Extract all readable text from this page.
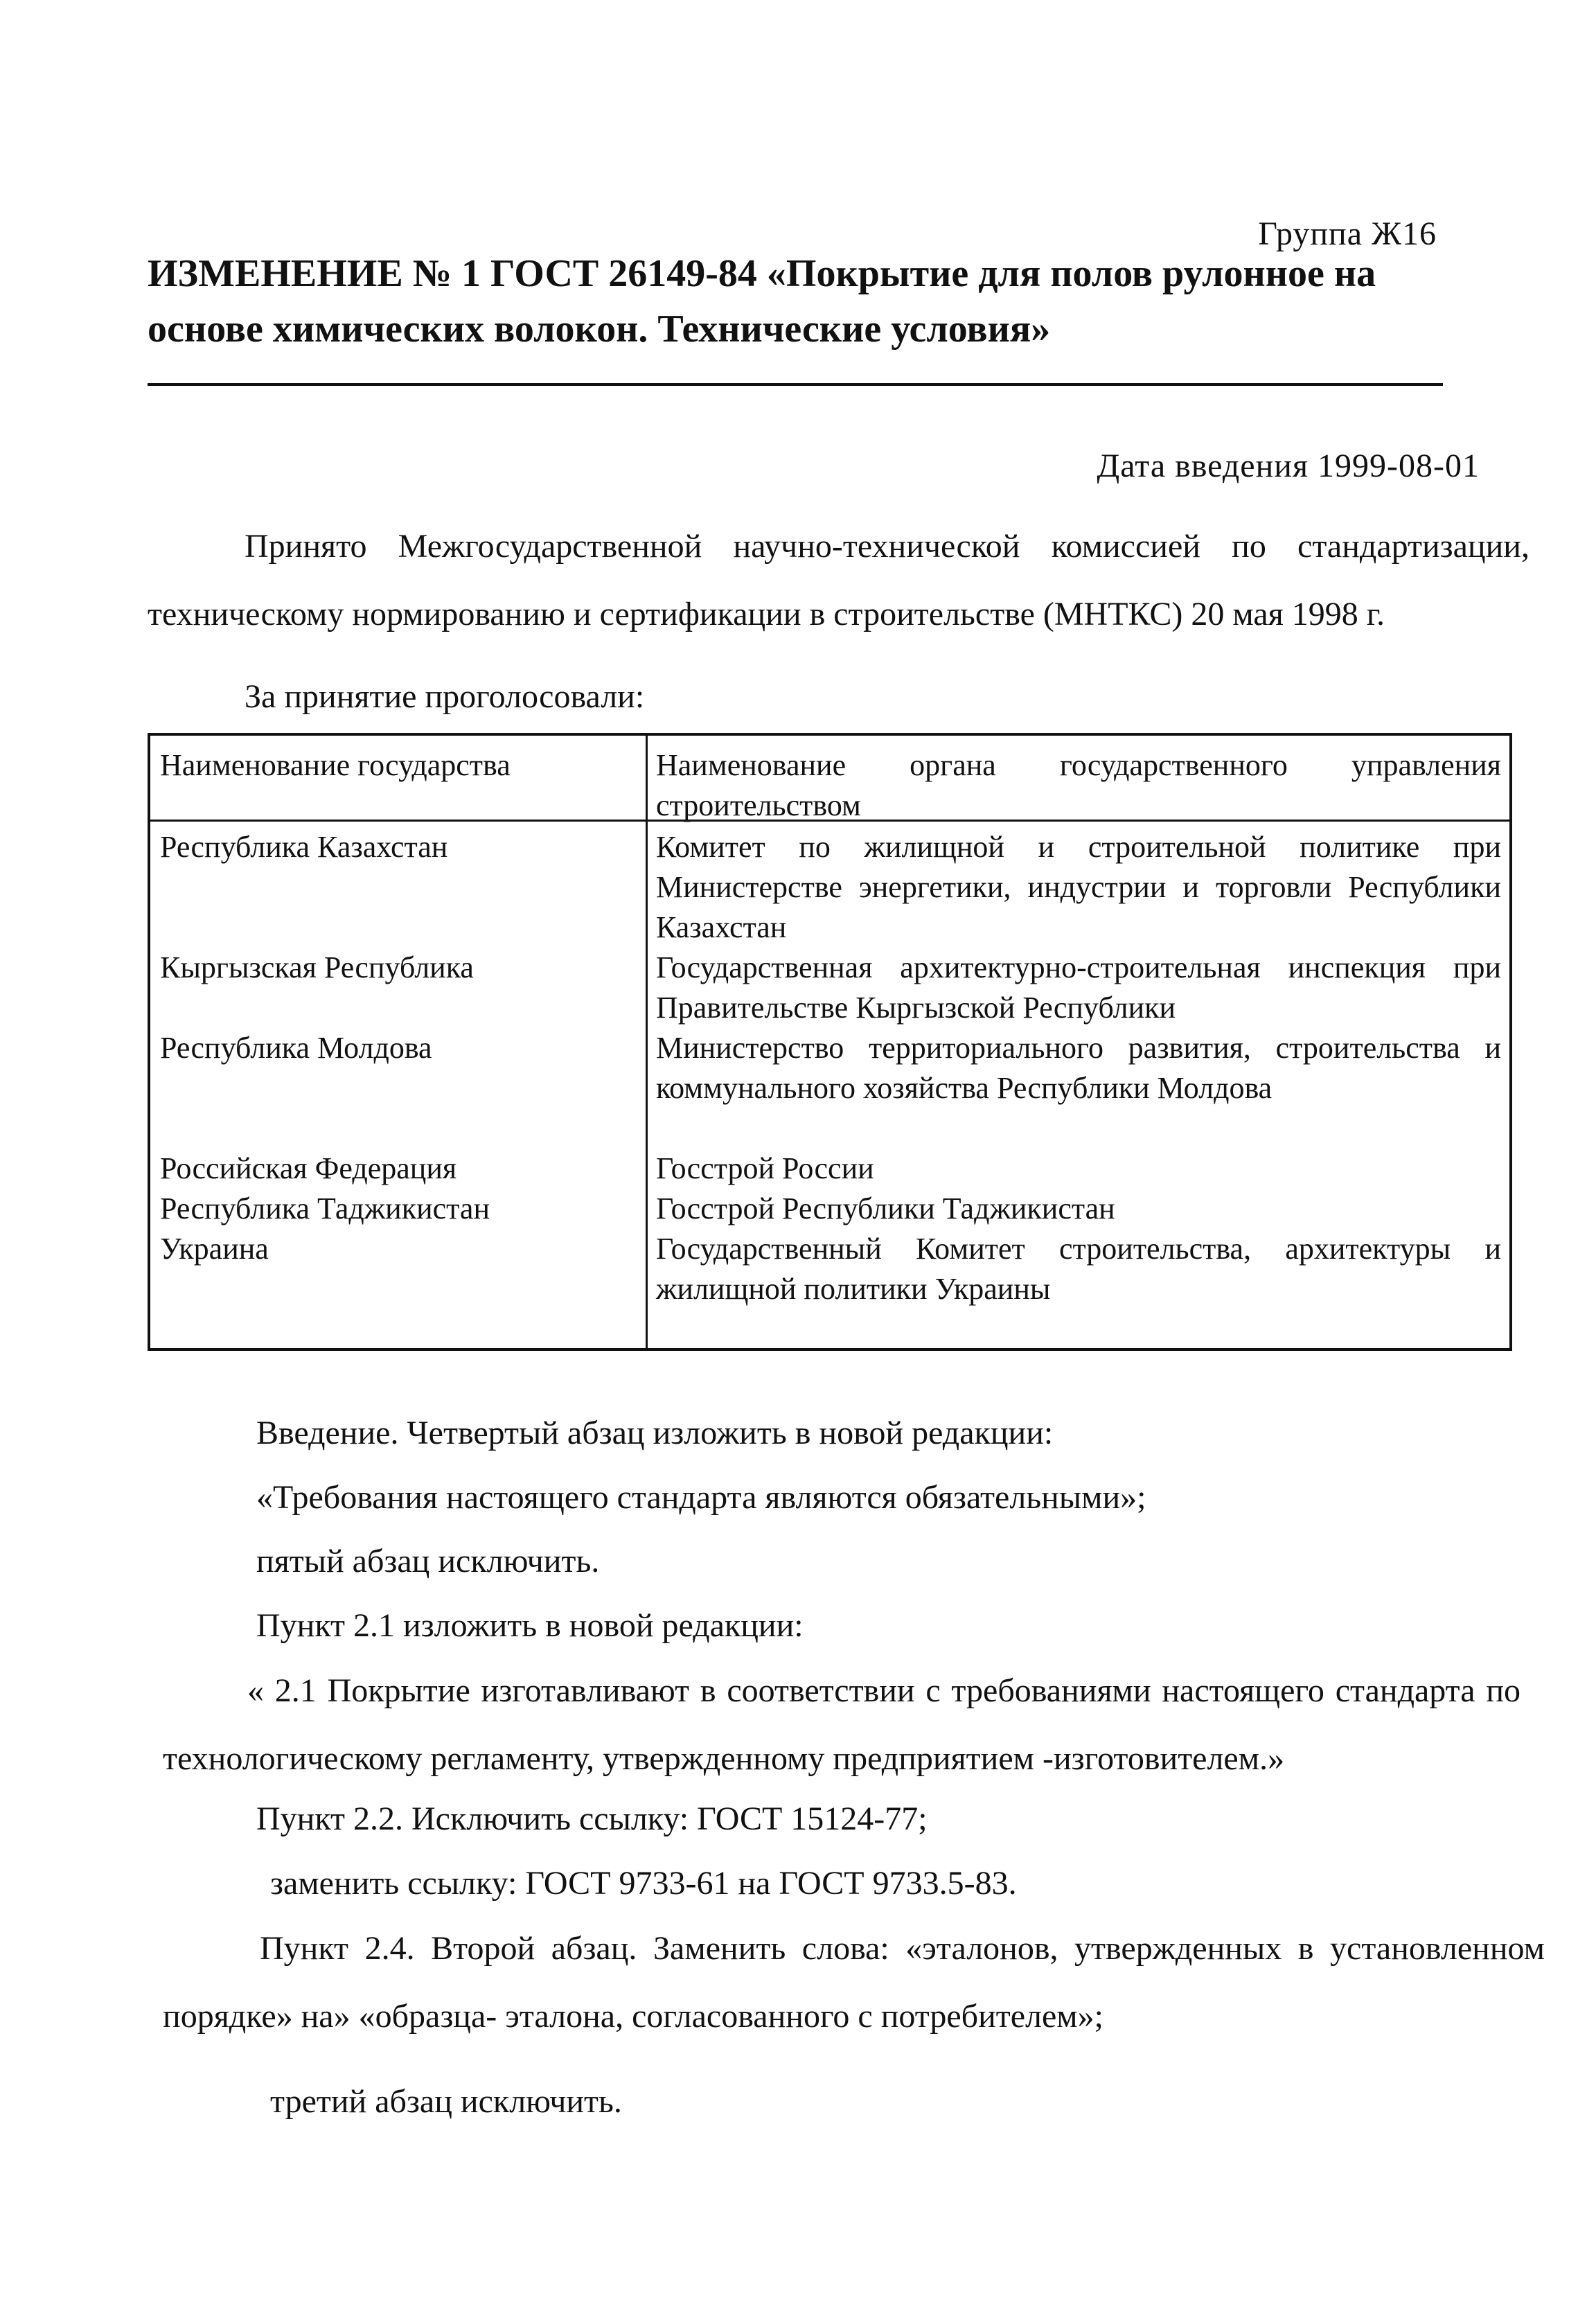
Группа Ж16
ИЗМЕНЕНИЕ № 1 ГОСТ 26149-84 «Покрытие для полов рулонное на основе химических волокон. Технические условия»
Дата введения 1999-08-01

Принято Межгосударственной научно-технической комиссией по стандартизации, техническому нормированию и сертификации в строительстве (МНТКС) 20 мая 1998 г.

За принятие проголосовали:
Наименование государства	Наименование органа государственного управления строительством
Республика Казахстан	Комитет по жилищной и строительной политике при Министерстве энергетики, индустрии и торговли Республики Казахстан
Кыргызская Республика	Государственная архитектурно-строительная инспекция при Правительстве Кыргызской Республики
Республика Молдова	Министерство территориального развития, строительства и коммунального хозяйства Республики Молдова
Российская Федерация	Госстрой России
Республика Таджикистан	Госстрой Республики Таджикистан
Украина	Государственный Комитет строительства, архитектуры и жилищной политики Украины

Введение. Четвертый абзац изложить в новой редакции:

«Требования настоящего стандарта являются обязательными»;

пятый абзац исключить.

Пункт 2.1 изложить в новой редакции:

« 2.1 Покрытие изготавливают в соответствии с требованиями настоящего стандарта по технологическому регламенту, утвержденному предприятием -изготовителем.»

Пункт 2.2. Исключить ссылку: ГОСТ 15124-77;

заменить ссылку: ГОСТ 9733-61 на ГОСТ 9733.5-83.

Пункт 2.4. Второй абзац. Заменить слова: «эталонов, утвержденных в установленном порядке» на» «образца- эталона, согласованного с потребителем»;

третий абзац исключить.
